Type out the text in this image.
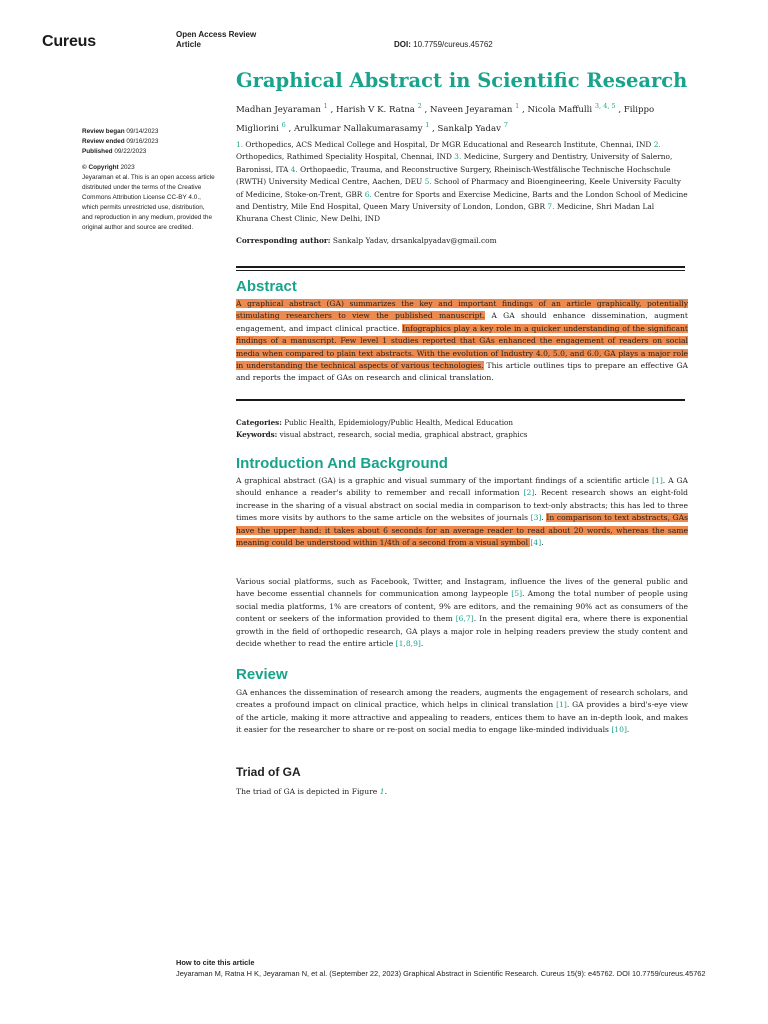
Cureus	Open Access Review
Article	DOI: 10.7759/cureus.45762
Graphical Abstract in Scientific Research
Madhan Jeyaraman $^1$ , Harish V K. Ratna $^2$ , Naveen Jeyaraman $^1$ , Nicola Maffulli $^{3, 4, 5}$ , Filippo Migliorini $^6$ , Arulkumar Nallakumarasamy $^1$ , Sankalp Yadav $^7$
Review began 09/14/2023
Review ended 09/16/2023
Published 09/22/2023
© Copyright 2023
Jeyaraman et al. This is an open access article distributed under the terms of the Creative Commons Attribution License CC-BY 4.0., which permits unrestricted use, distribution, and reproduction in any medium, provided the original author and source are credited.
1. Orthopedics, ACS Medical College and Hospital, Dr MGR Educational and Research Institute, Chennai, IND 2. Orthopedics, Rathimed Speciality Hospital, Chennai, IND 3. Medicine, Surgery and Dentistry, University of Salerno, Baronissi, ITA 4. Orthopaedic, Trauma, and Reconstructive Surgery, Rheinisch-Westfälische Technische Hochschule (RWTH) University Medical Centre, Aachen, DEU 5. School of Pharmacy and Bioengineering, Keele University Faculty of Medicine, Stoke-on-Trent, GBR 6. Centre for Sports and Exercise Medicine, Barts and the London School of Medicine and Dentistry, Mile End Hospital, Queen Mary University of London, London, GBR 7. Medicine, Shri Madan Lal Khurana Chest Clinic, New Delhi, IND
Corresponding author: Sankalp Yadav, drsankalpyadav@gmail.com
Abstract
A graphical abstract (GA) summarizes the key and important findings of an article graphically, potentially stimulating researchers to view the published manuscript. A GA should enhance dissemination, augment engagement, and impact clinical practice. Infographics play a key role in a quicker understanding of the significant findings of a manuscript. Few level 1 studies reported that GAs enhanced the engagement of readers on social media when compared to plain text abstracts. With the evolution of Industry 4.0, 5.0, and 6.0, GA plays a major role in understanding the technical aspects of various technologies. This article outlines tips to prepare an effective GA and reports the impact of GAs on research and clinical translation.
Categories: Public Health, Epidemiology/Public Health, Medical Education
Keywords: visual abstract, research, social media, graphical abstract, graphics
Introduction And Background
A graphical abstract (GA) is a graphic and visual summary of the important findings of a scientific article [1]. A GA should enhance a reader's ability to remember and recall information [2]. Recent research shows an eight-fold increase in the sharing of a visual abstract on social media in comparison to text-only abstracts; this has led to three times more visits by authors to the same article on the websites of journals [3]. In comparison to text abstracts, GAs have the upper hand: it takes about 6 seconds for an average reader to read about 20 words, whereas the same meaning could be understood within 1/4th of a second from a visual symbol [4].
Various social platforms, such as Facebook, Twitter, and Instagram, influence the lives of the general public and have become essential channels for communication among laypeople [5]. Among the total number of people using social media platforms, 1% are creators of content, 9% are editors, and the remaining 90% act as consumers of the content or seekers of the information provided to them [6,7]. In the present digital era, where there is exponential growth in the field of orthopedic research, GA plays a major role in helping readers preview the study content and decide whether to read the entire article [1,8,9].
Review
GA enhances the dissemination of research among the readers, augments the engagement of research scholars, and creates a profound impact on clinical practice, which helps in clinical translation [1]. GA provides a bird's-eye view of the article, making it more attractive and appealing to readers, entices them to have an in-depth look, and makes it easier for the researcher to share or re-post on social media to engage like-minded individuals [10].
Triad of GA
The triad of GA is depicted in Figure 1.
How to cite this article
Jeyaraman M, Ratna H K, Jeyaraman N, et al. (September 22, 2023) Graphical Abstract in Scientific Research. Cureus 15(9): e45762. DOI 10.7759/cureus.45762
